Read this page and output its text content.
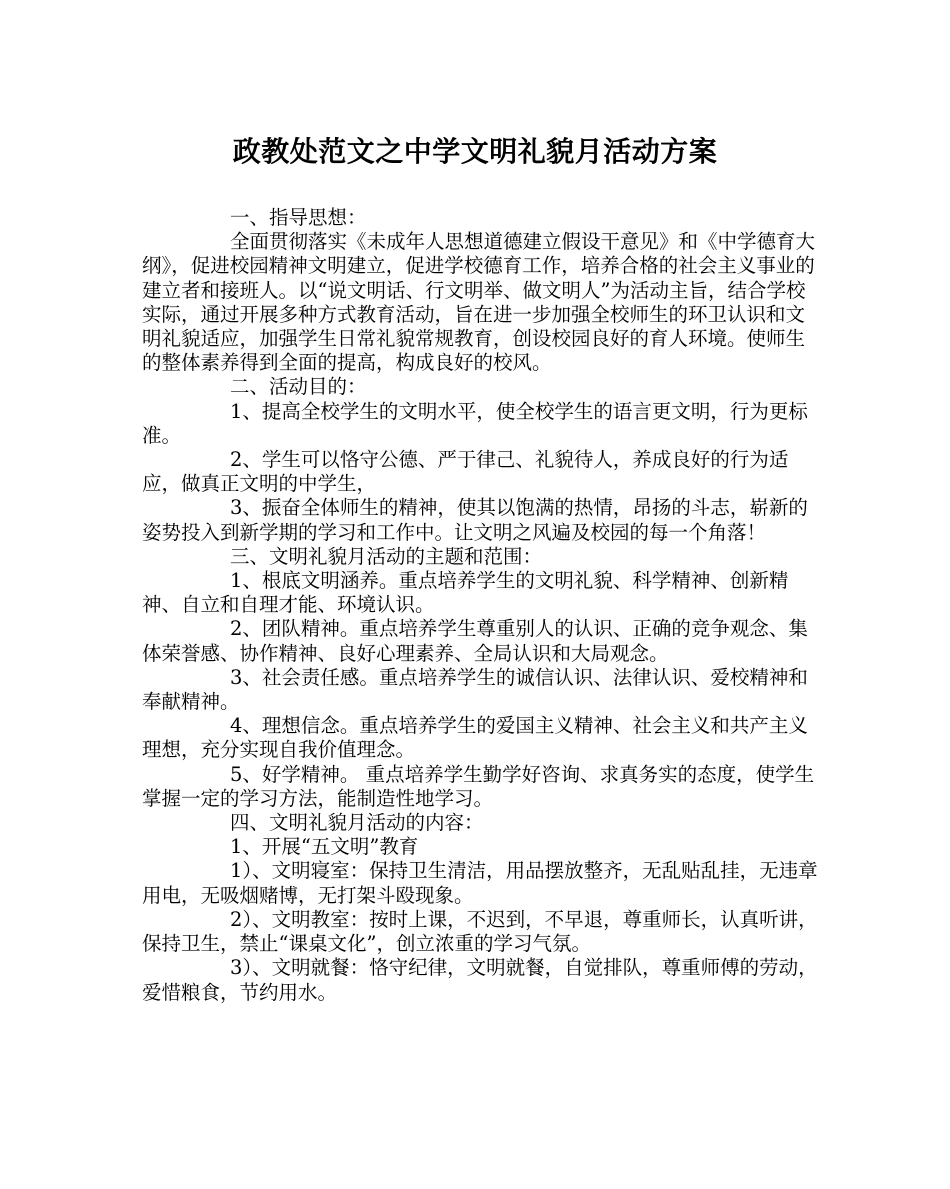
政教处范文之中学文明礼貌月活动方案

一、指导思想：

全面贯彻落实《未成年人思想道德建立假设干意见》和《中学德育大纲》，促进校园精神文明建立，促进学校德育工作，培养合格的社会主义事业的建立者和接班人。以“说文明话、行文明举、做文明人”为活动主旨，结合学校实际，通过开展多种方式教育活动，旨在进一步加强全校师生的环卫认识和文明礼貌适应，加强学生日常礼貌常规教育，创设校园良好的育人环境。使师生的整体素养得到全面的提高，构成良好的校风。

二、活动目的：

1、提高全校学生的文明水平，使全校学生的语言更文明，行为更标准。

2、学生可以恪守公德、严于律己、礼貌待人，养成良好的行为适应，做真正文明的中学生，

3、振奋全体师生的精神，使其以饱满的热情，昂扬的斗志，崭新的姿势投入到新学期的学习和工作中。让文明之风遍及校园的每一个角落！

三、文明礼貌月活动的主题和范围：

1、根底文明涵养。重点培养学生的文明礼貌、科学精神、创新精神、自立和自理才能、环境认识。

2、团队精神。重点培养学生尊重别人的认识、正确的竞争观念、集体荣誉感、协作精神、良好心理素养、全局认识和大局观念。

3、社会责任感。重点培养学生的诚信认识、法律认识、爱校精神和奉献精神。

4、理想信念。重点培养学生的爱国主义精神、社会主义和共产主义理想，充分实现自我价值理念。

5、好学精神。 重点培养学生勤学好咨询、求真务实的态度，使学生掌握一定的学习方法，能制造性地学习。

四、文明礼貌月活动的内容：

1、开展“五文明”教育

1）、文明寝室：保持卫生清洁，用品摆放整齐，无乱贴乱挂，无违章用电，无吸烟赌博，无打架斗殴现象。

2）、文明教室：按时上课，不迟到，不早退，尊重师长，认真听讲，保持卫生，禁止“课桌文化”，创立浓重的学习气氛。

3）、文明就餐：恪守纪律，文明就餐，自觉排队，尊重师傅的劳动，爱惜粮食，节约用水。
